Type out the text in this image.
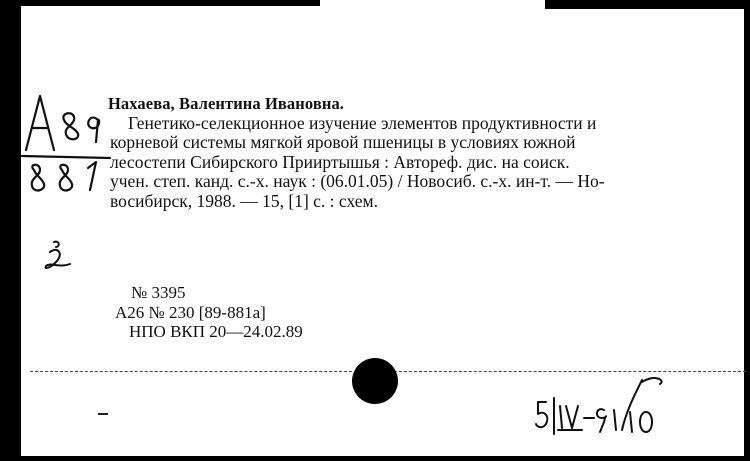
Нахаева, Валентина Ивановна.
Генетико-селекционное изучение элементов продуктивности и
корневой системы мягкой яровой пшеницы в условиях южной
лесостепи Сибирского Прииртышья : Автореф. дис. на соиск.
учен. степ. канд. с.-х. наук : (06.01.05) / Новосиб. с.-х. ин-т. — Но-
восибирск, 1988. — 15, [1] с. : схем.
№ 3395
А26 № 230 [89-881а]
НПО ВКП 20—24.02.89
